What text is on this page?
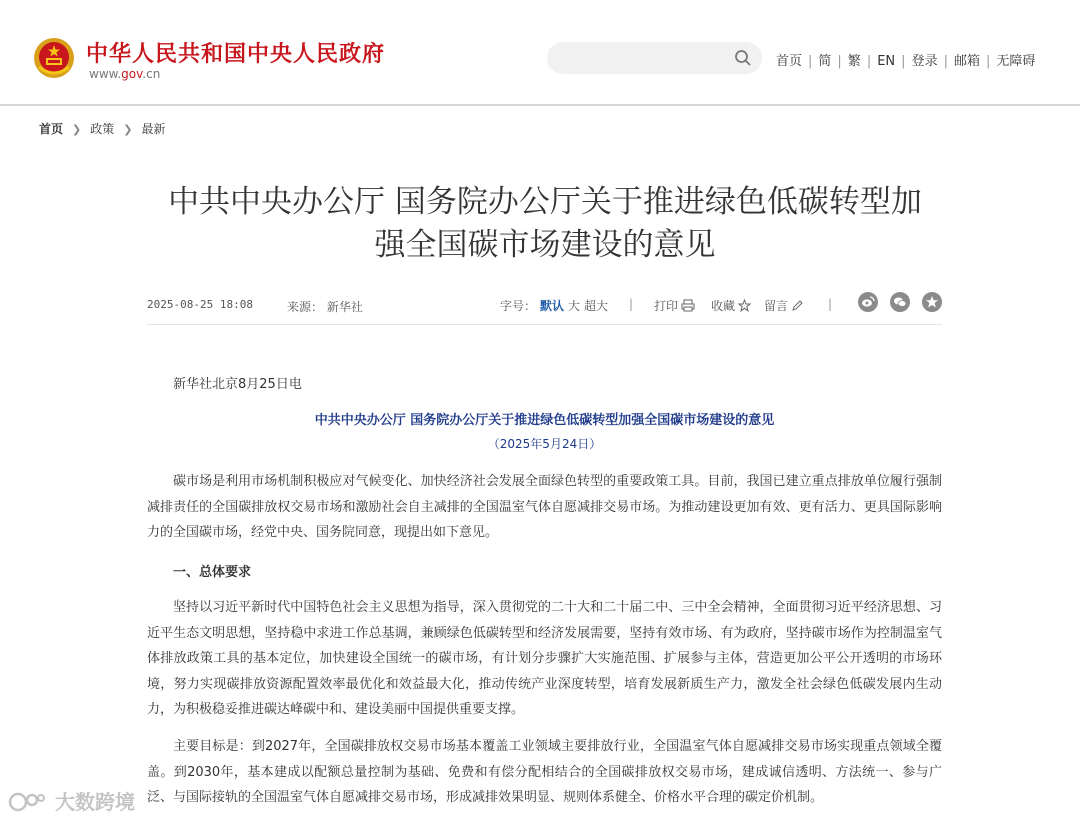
中华人民共和国中央人民政府
www.gov.cn
首页 | 简 | 繁 | EN | 登录 | 邮箱 | 无障碍
首页 ❯ 政策 ❯ 最新
中共中央办公厅 国务院办公厅关于推进绿色低碳转型加
强全国碳市场建设的意见
2025-08-25 18:08	来源： 新华社	字号： 默认 大 超大	| 打印	收藏	留言	|
新华社北京8月25日电
中共中央办公厅 国务院办公厅关于推进绿色低碳转型加强全国碳市场建设的意见
（2025年5月24日）

碳市场是利用市场机制积极应对气候变化、加快经济社会发展全面绿色转型的重要政策工具。目前，我国已建立重点排放单位履行强制减排责任的全国碳排放权交易市场和激励社会自主减排的全国温室气体自愿减排交易市场。为推动建设更加有效、更有活力、更具国际影响力的全国碳市场，经党中央、国务院同意，现提出如下意见。

一、总体要求

坚持以习近平新时代中国特色社会主义思想为指导，深入贯彻党的二十大和二十届二中、三中全会精神，全面贯彻习近平经济思想、习近平生态文明思想，坚持稳中求进工作总基调，兼顾绿色低碳转型和经济发展需要，坚持有效市场、有为政府，坚持碳市场作为控制温室气体排放政策工具的基本定位，加快建设全国统一的碳市场，有计划分步骤扩大实施范围、扩展参与主体，营造更加公平公开透明的市场环境，努力实现碳排放资源配置效率最优化和效益最大化，推动传统产业深度转型，培育发展新质生产力，激发全社会绿色低碳发展内生动力，为积极稳妥推进碳达峰碳中和、建设美丽中国提供重要支撑。

主要目标是：到2027年，全国碳排放权交易市场基本覆盖工业领域主要排放行业，全国温室气体自愿减排交易市场实现重点领域全覆盖。到2030年，基本建成以配额总量控制为基础、免费和有偿分配相结合的全国碳排放权交易市场，建成诚信透明、方法统一、参与广泛、与国际接轨的全国温室气体自愿减排交易市场，形成减排效果明显、规则体系健全、价格水平合理的碳定价机制。

大数跨境
